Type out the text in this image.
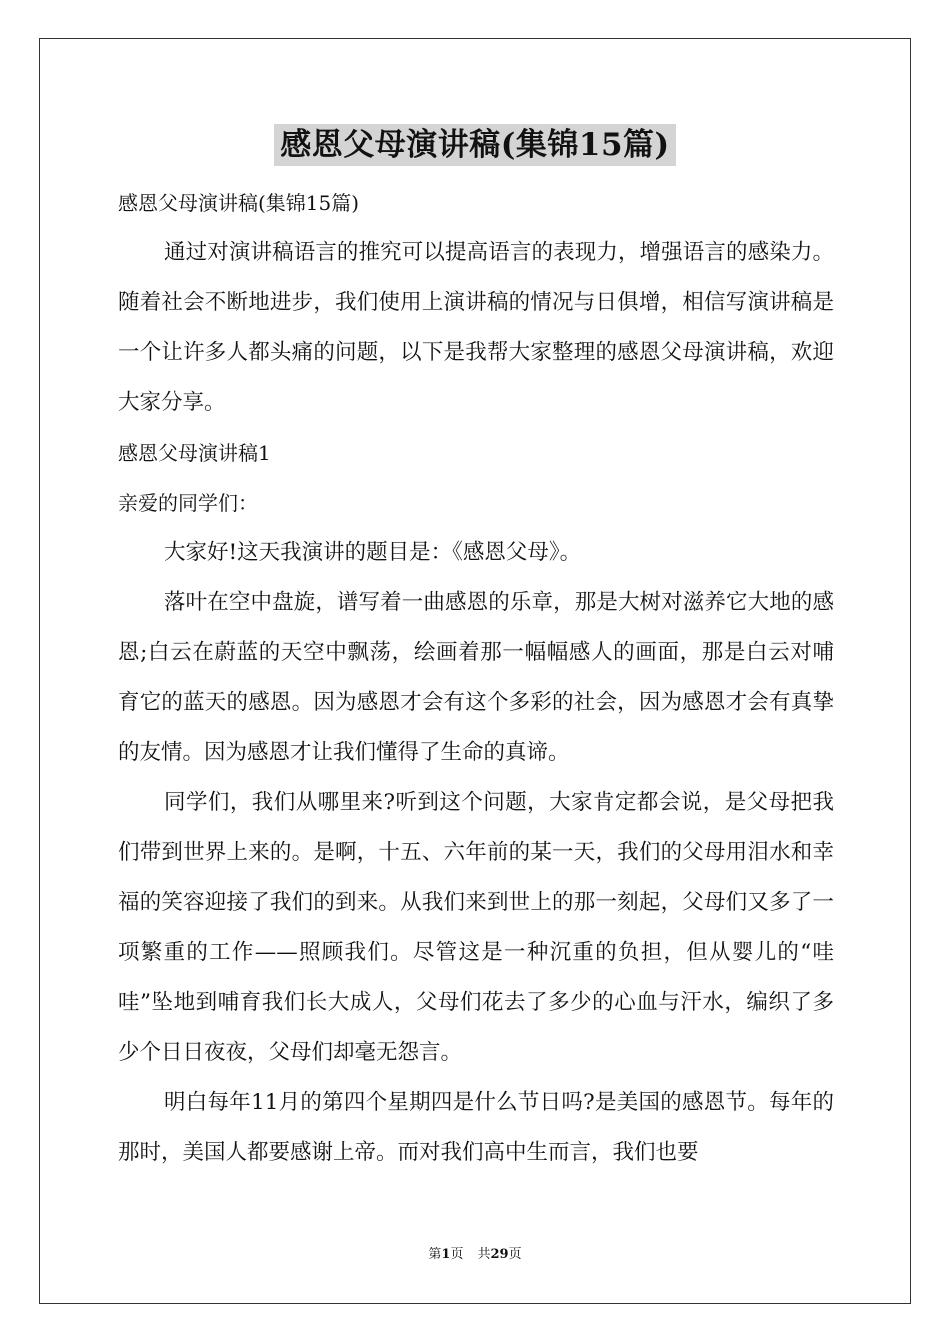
感恩父母演讲稿(集锦15篇)

感恩父母演讲稿(集锦15篇)

通过对演讲稿语言的推究可以提高语言的表现力，增强语言的感染力。随着社会不断地进步，我们使用上演讲稿的情况与日俱增，相信写演讲稿是一个让许多人都头痛的问题，以下是我帮大家整理的感恩父母演讲稿，欢迎大家分享。

感恩父母演讲稿1

亲爱的同学们：

大家好!这天我演讲的题目是：《感恩父母》。

落叶在空中盘旋，谱写着一曲感恩的乐章，那是大树对滋养它大地的感恩;白云在蔚蓝的天空中飘荡，绘画着那一幅幅感人的画面，那是白云对哺育它的蓝天的感恩。因为感恩才会有这个多彩的社会，因为感恩才会有真挚的友情。因为感恩才让我们懂得了生命的真谛。

同学们，我们从哪里来?听到这个问题，大家肯定都会说，是父母把我们带到世界上来的。是啊，十五、六年前的某一天，我们的父母用泪水和幸福的笑容迎接了我们的到来。从我们来到世上的那一刻起，父母们又多了一项繁重的工作——照顾我们。尽管这是一种沉重的负担，但从婴儿的“哇哇”坠地到哺育我们长大成人，父母们花去了多少的心血与汗水，编织了多少个日日夜夜，父母们却毫无怨言。

明白每年11月的第四个星期四是什么节日吗?是美国的感恩节。每年的那时，美国人都要感谢上帝。而对我们高中生而言，我们也要

第1页 共29页
